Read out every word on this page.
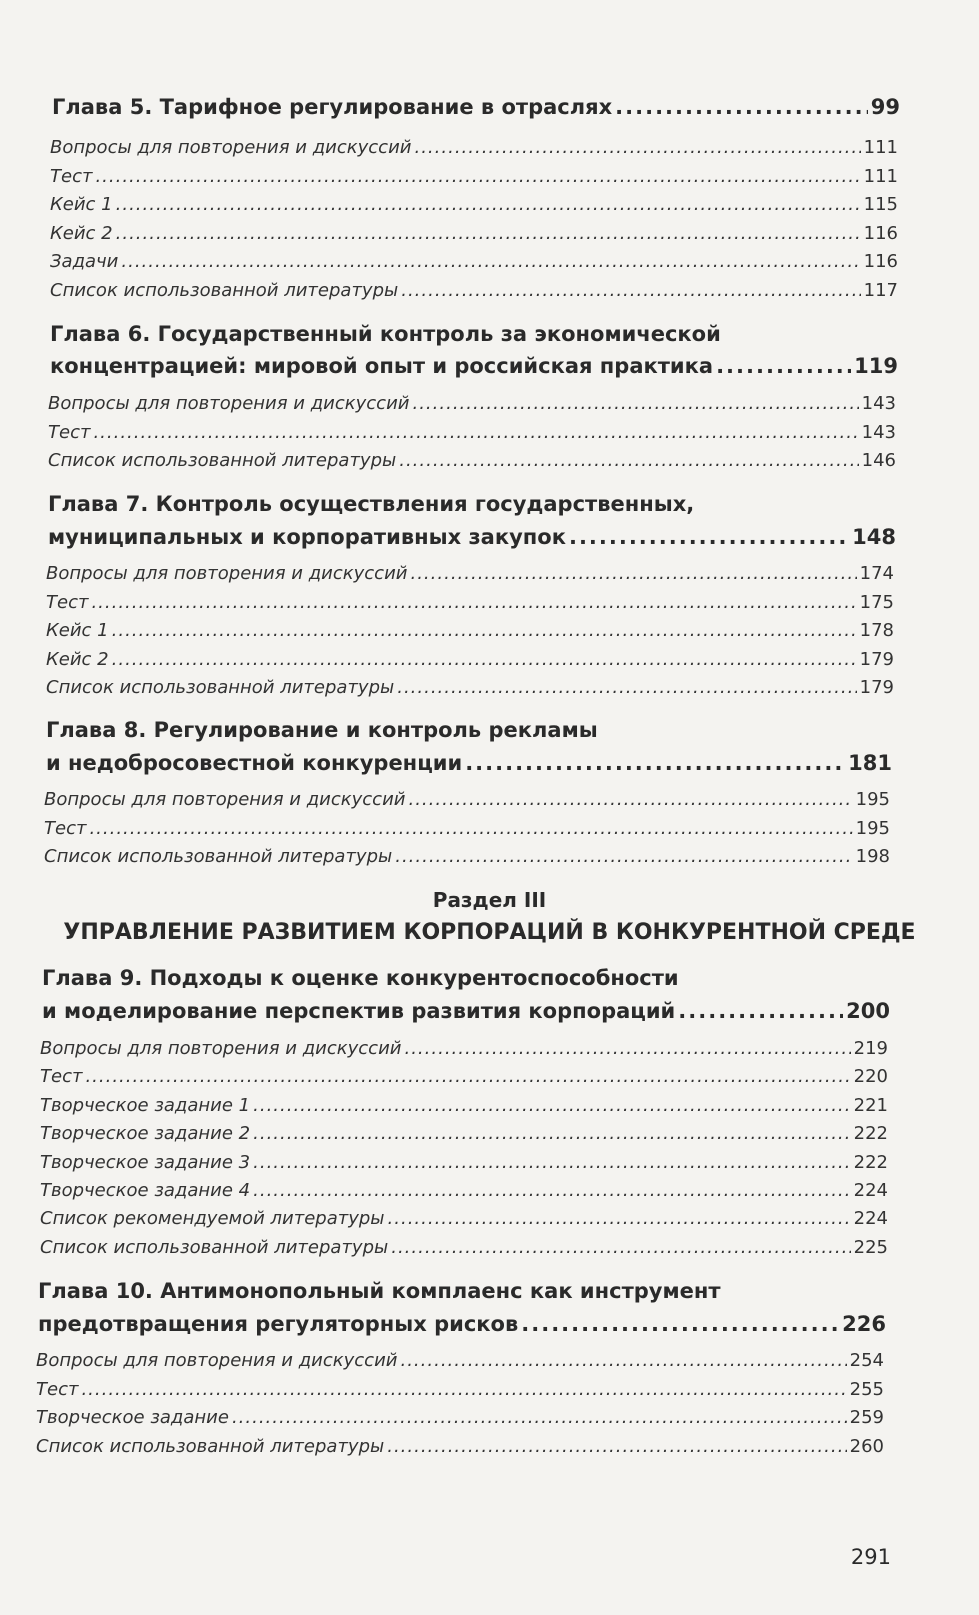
Глава 5. Тарифное регулирование в отраслях .....	99
Вопросы для повторения и дискуссий .....	111
Тест .....	111
Кейс 1 .....	115
Кейс 2 .....	116
Задачи .....	116
Список использованной литературы .....	117
Глава 6. Государственный контроль за экономической
концентрацией: мировой опыт и российская практика .....	119
Вопросы для повторения и дискуссий .....	143
Тест .....	143
Список использованной литературы .....	146
Глава 7. Контроль осуществления государственных,
муниципальных и корпоративных закупок .....	148
Вопросы для повторения и дискуссий .....	174
Тест .....	175
Кейс 1 .....	178
Кейс 2 .....	179
Список использованной литературы .....	179
Глава 8. Регулирование и контроль рекламы
и недобросовестной конкуренции .....	181
Вопросы для повторения и дискуссий .....	195
Тест .....	195
Список использованной литературы .....	198
Глава 9. Подходы к оценке конкурентоспособности
и моделирование перспектив развития корпораций .....	200
Вопросы для повторения и дискуссий .....	219
Тест .....	220
Творческое задание 1 .....	221
Творческое задание 2 .....	222
Творческое задание 3 .....	222
Творческое задание 4 .....	224
Список рекомендуемой литературы .....	224
Список использованной литературы .....	225
Глава 10. Антимонопольный комплаенс как инструмент
предотвращения регуляторных рисков .....	226
Вопросы для повторения и дискуссий .....	254
Тест .....	255
Творческое задание .....	259
Список использованной литературы .....	260
Раздел III
УПРАВЛЕНИЕ РАЗВИТИЕМ КОРПОРАЦИЙ В КОНКУРЕНТНОЙ СРЕДЕ
291
